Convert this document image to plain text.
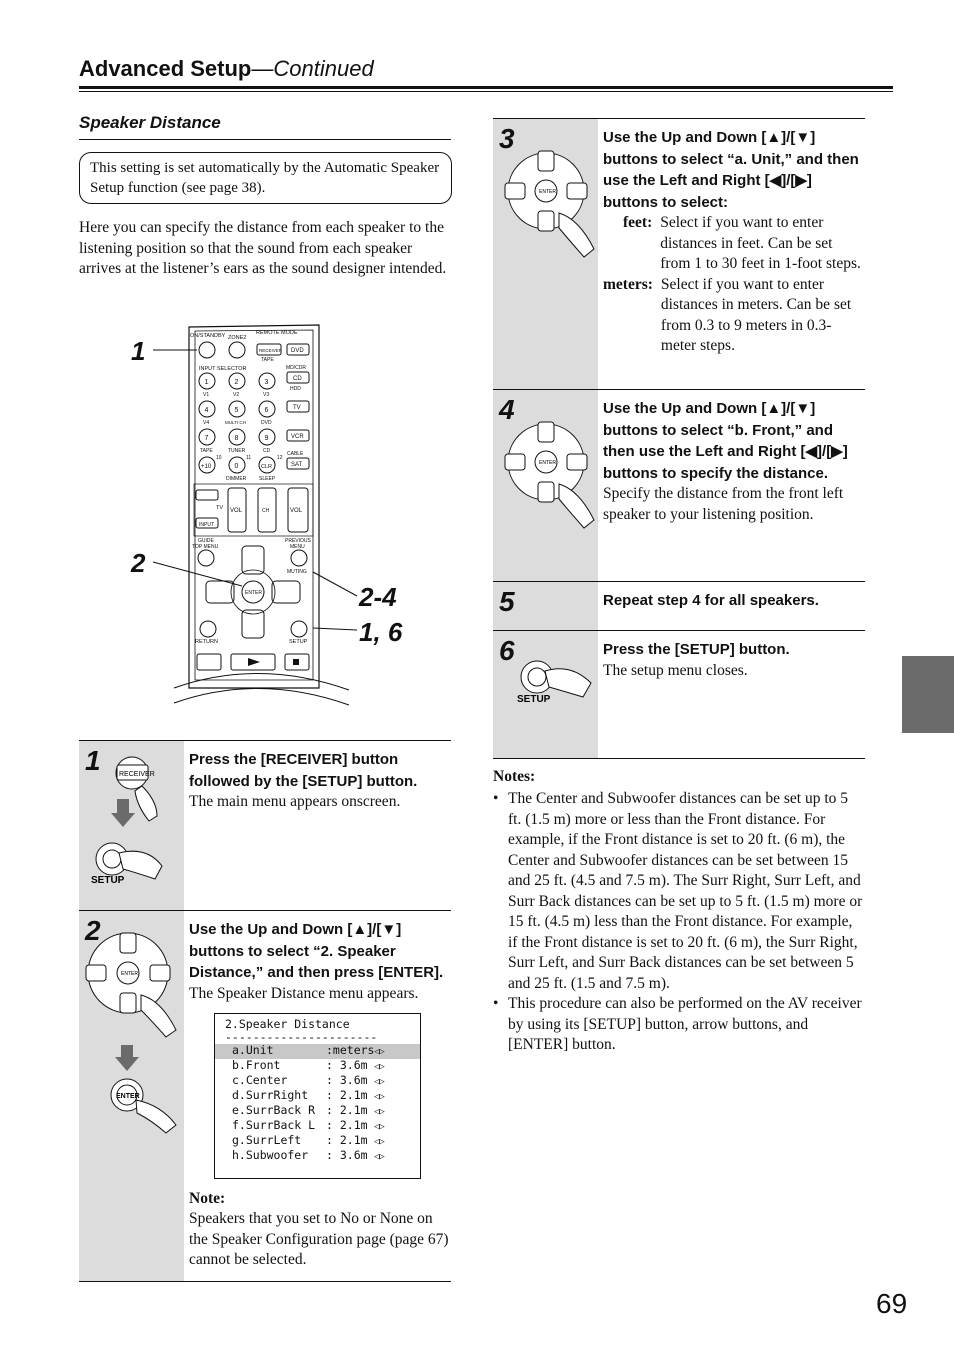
Advanced Setup—Continued
Speaker Distance
This setting is set automatically by the Automatic Speaker Setup function (see page 38).
Here you can specify the distance from each speaker to the listening position so that the sound from each speaker arrives at the listener’s ears as the sound designer intended.
ON/STANDBY ZONE2
REMOTE MODE
RECEIVER
TAPE
DVD
INPUT SELECTOR	MD/CDR
CD
HDD
1	2	3
V1	V2	V3
TV
4	5	6
V4	MULTI CH	DVD
VCR
7	8	9
TAPE	TUNER	CD	CABLE
SAT
10	11	12
+10	0	CLR
DIMMER	SLEEP
TV
INPUT
VOL	CH	VOL
GUIDE
TOP MENU
PREVIOUS
MENU
MUTING
ENTER
RETURN	SETUP
1
2
2-4
1, 6
1	RECEIVER
SETUP
Press the [RECEIVER] button followed by the [SETUP] button.
The main menu appears onscreen.
2
ENTER
ENTER
Use the Up and Down [▲]/[▼] buttons to select “2. Speaker Distance,” and then press [ENTER].
The Speaker Distance menu appears.
2.Speaker Distance
----------------------
a.Unit	:meters◁▷
b.Front	: 3.6m ◁▷
c.Center	: 3.6m ◁▷
d.SurrRight : 2.1m ◁▷
e.SurrBack R : 2.1m ◁▷
f.SurrBack L : 2.1m ◁▷
g.SurrLeft : 2.1m ◁▷
h.Subwoofer : 3.6m ◁▷
Note:
Speakers that you set to No or None on the Speaker Configuration page (page 67) cannot be selected.
3
ENTER
Use the Up and Down [▲]/[▼] buttons to select “a. Unit,” and then use the Left and Right [◀]/[▶] buttons to select:
feet: Select if you want to enter distances in feet. Can be set from 1 to 30 feet in 1-foot steps.
meters: Select if you want to enter distances in meters. Can be set from 0.3 to 9 meters in 0.3-meter steps.
4
ENTER
Use the Up and Down [▲]/[▼] buttons to select “b. Front,” and then use the Left and Right [◀]/[▶] buttons to specify the distance.
Specify the distance from the front left speaker to your listening position.
5	Repeat step 4 for all speakers.
6
SETUP
Press the [SETUP] button.
The setup menu closes.
Notes:
• The Center and Subwoofer distances can be set up to 5 ft. (1.5 m) more or less than the Front distance. For example, if the Front distance is set to 20 ft. (6 m), the Center and Subwoofer distances can be set between 15 and 25 ft. (4.5 and 7.5 m). The Surr Right, Surr Left, and Surr Back distances can be set up to 5 ft. (1.5 m) more or 15 ft. (4.5 m) less than the Front distance. For example, if the Front distance is set to 20 ft. (6 m), the Surr Right, Surr Left, and Surr Back distances can be set between 5 and 25 ft. (1.5 and 7.5 m).
• This procedure can also be performed on the AV receiver by using its [SETUP] button, arrow buttons, and [ENTER] button.
69
